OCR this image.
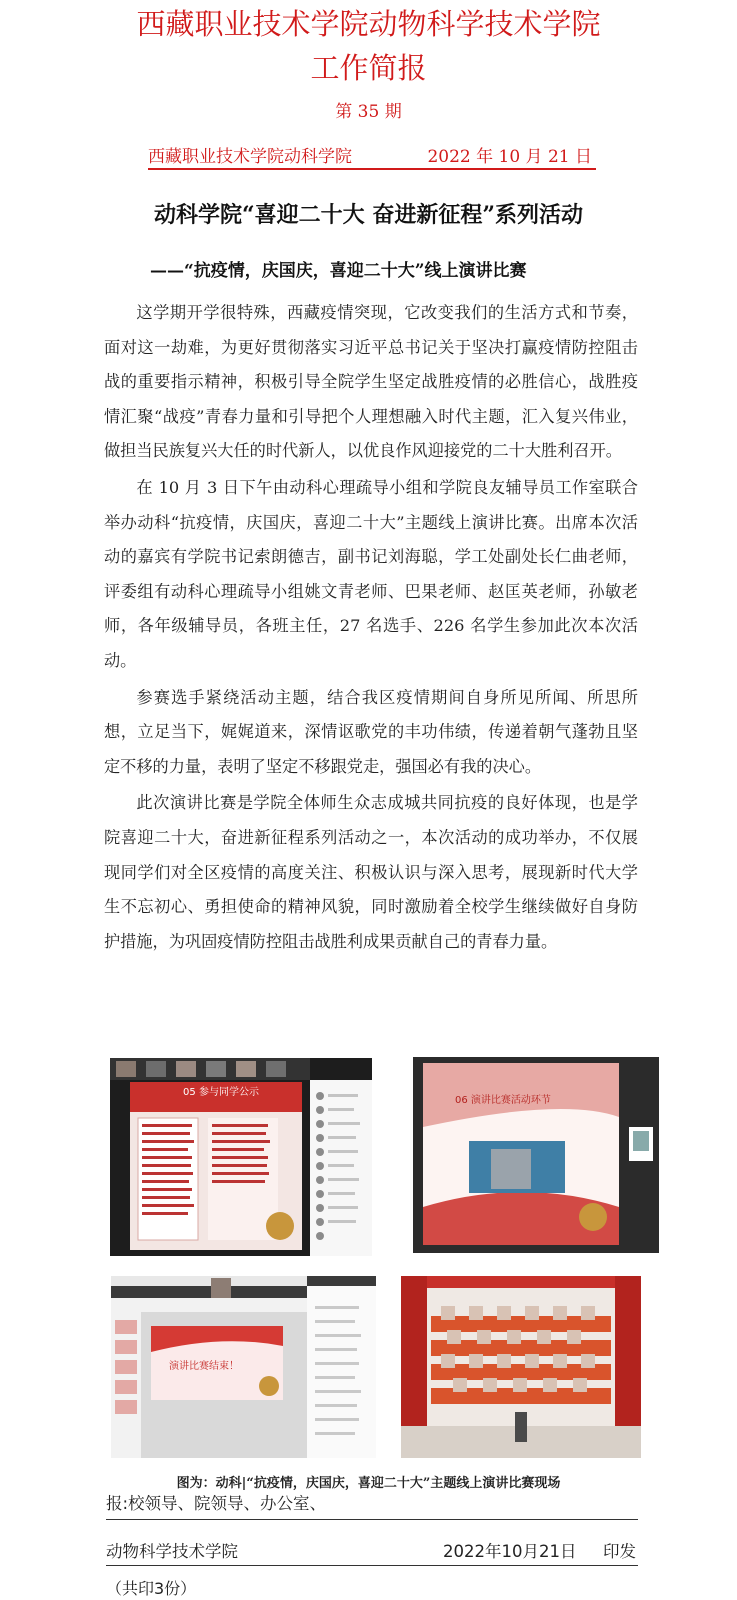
西藏职业技术学院动物科学技术学院
工作简报
第 35 期
西藏职业技术学院动科学院	2022 年 10 月 21 日
动科学院“喜迎二十大 奋进新征程”系列活动
——“抗疫情，庆国庆，喜迎二十大”线上演讲比赛

这学期开学很特殊，西藏疫情突现，它改变我们的生活方式和节奏，面对这一劫难，为更好贯彻落实习近平总书记关于坚决打赢疫情防控阻击战的重要指示精神，积极引导全院学生坚定战胜疫情的必胜信心，战胜疫情汇聚“战疫”青春力量和引导把个人理想融入时代主题，汇入复兴伟业，做担当民族复兴大任的时代新人，以优良作风迎接党的二十大胜利召开。

在 10 月 3 日下午由动科心理疏导小组和学院良友辅导员工作室联合举办动科“抗疫情，庆国庆，喜迎二十大”主题线上演讲比赛。出席本次活动的嘉宾有学院书记索朗德吉，副书记刘海聪，学工处副处长仁曲老师，评委组有动科心理疏导小组姚文青老师、巴果老师、赵匡英老师，孙敏老师，各年级辅导员，各班主任，27 名选手、226 名学生参加此次本次活动。

参赛选手紧绕活动主题，结合我区疫情期间自身所见所闻、所思所想，立足当下，娓娓道来，深情讴歌党的丰功伟绩，传递着朝气蓬勃且坚定不移的力量，表明了坚定不移跟党走，强国必有我的决心。

此次演讲比赛是学院全体师生众志成城共同抗疫的良好体现，也是学院喜迎二十大，奋进新征程系列活动之一，本次活动的成功举办，不仅展现同学们对全区疫情的高度关注、积极认识与深入思考，展现新时代大学生不忘初心、勇担使命的精神风貌，同时激励着全校学生继续做好自身防护措施，为巩固疫情防控阻击战胜利成果贡献自己的青春力量。

05 参与同学公示
06 演讲比赛活动环节
演讲比赛结束！
图为：动科|“抗疫情，庆国庆，喜迎二十大”主题线上演讲比赛现场
报:校领导、院领导、办公室、
动物科学技术学院	2022年10月21日 印发
（共印3份）
